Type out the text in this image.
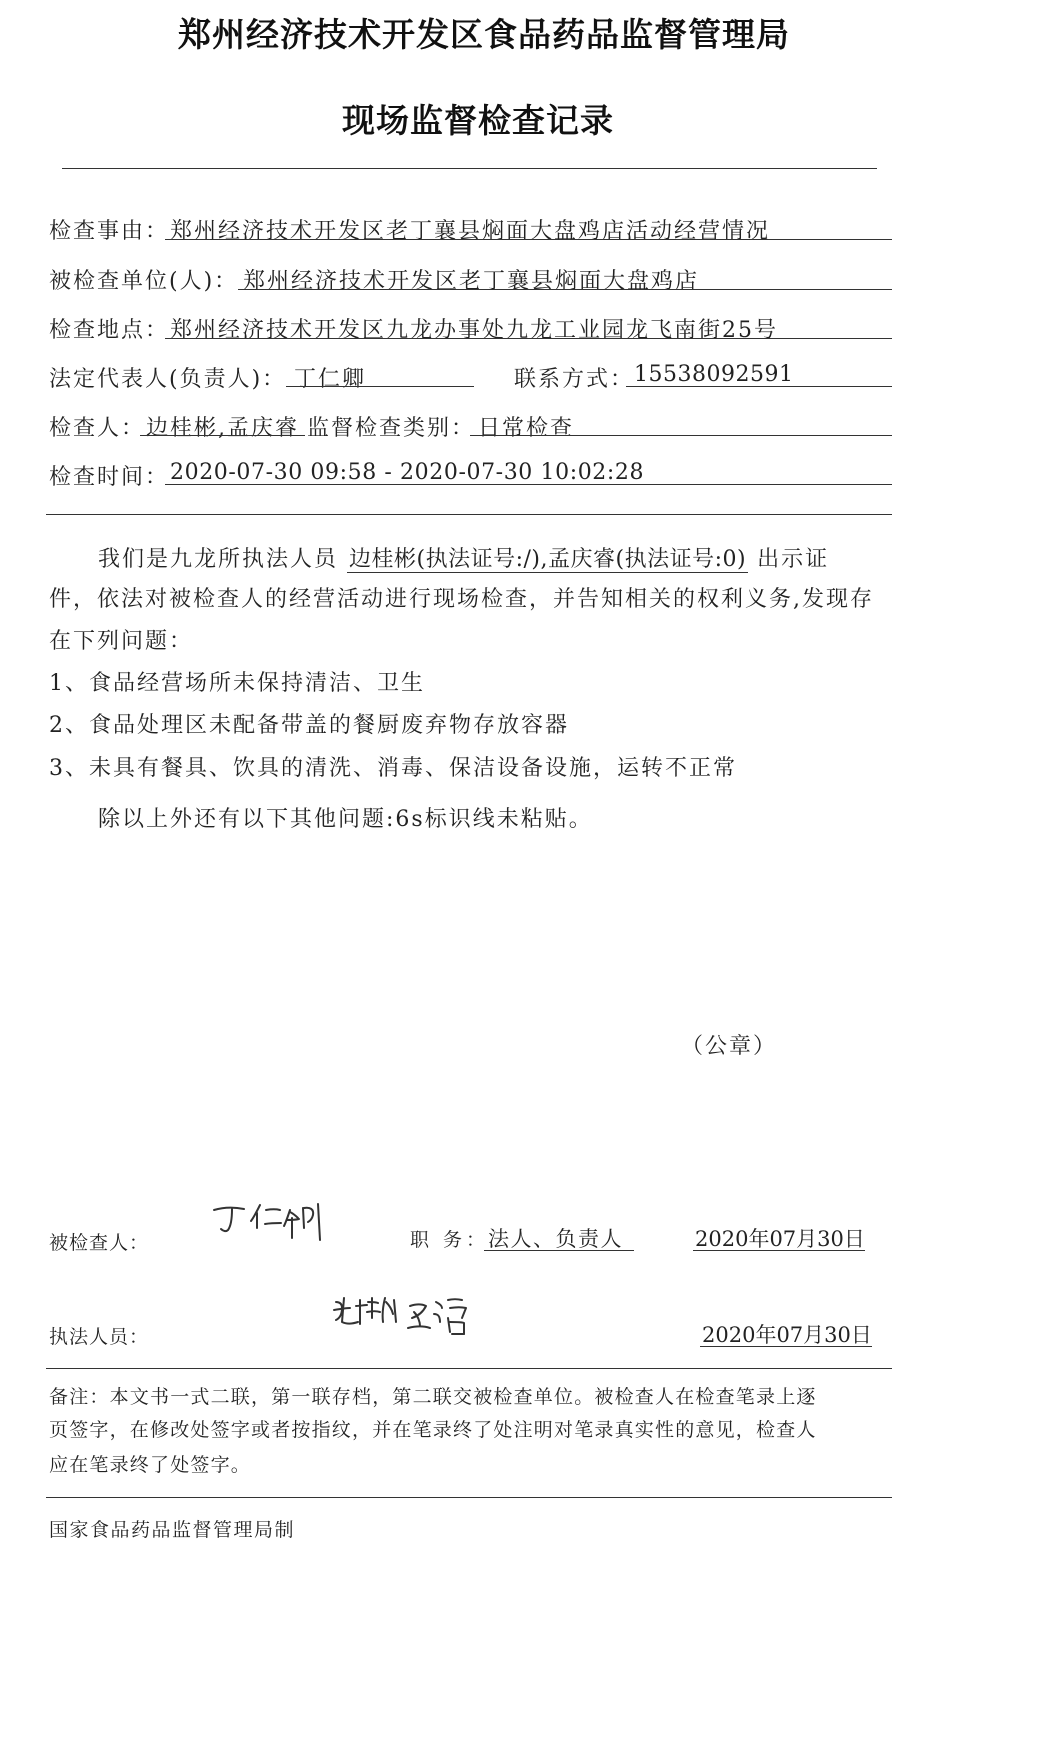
郑州经济技术开发区食品药品监督管理局
现场监督检查记录
检查事由： 郑州经济技术开发区老丁襄县焖面大盘鸡店活动经营情况
被检查单位(人)： 郑州经济技术开发区老丁襄县焖面大盘鸡店
检查地点： 郑州经济技术开发区九龙办事处九龙工业园龙飞南街25号
法定代表人(负责人)： 丁仁卿	联系方式： 15538092591
检查人： 边桂彬,孟庆睿 监督检查类别： 日常检查
检查时间： 2020-07-30 09:58 - 2020-07-30 10:02:28
我们是九龙所执法人员 边桂彬(执法证号:/),孟庆睿(执法证号:0) 出示证
件，依法对被检查人的经营活动进行现场检查，并告知相关的权利义务,发现存
在下列问题：
1、食品经营场所未保持清洁、卫生
2、食品处理区未配备带盖的餐厨废弃物存放容器
3、未具有餐具、饮具的清洗、消毒、保洁设备设施，运转不正常
除以上外还有以下其他问题:6s标识线未粘贴。
（公章）
被检查人：	职 务：
法人、负责人	2020年07月30日
执法人员：	2020年07月30日
备注：本文书一式二联，第一联存档，第二联交被检查单位。被检查人在检查笔录上逐
页签字，在修改处签字或者按指纹，并在笔录终了处注明对笔录真实性的意见，检查人
应在笔录终了处签字。
国家食品药品监督管理局制
